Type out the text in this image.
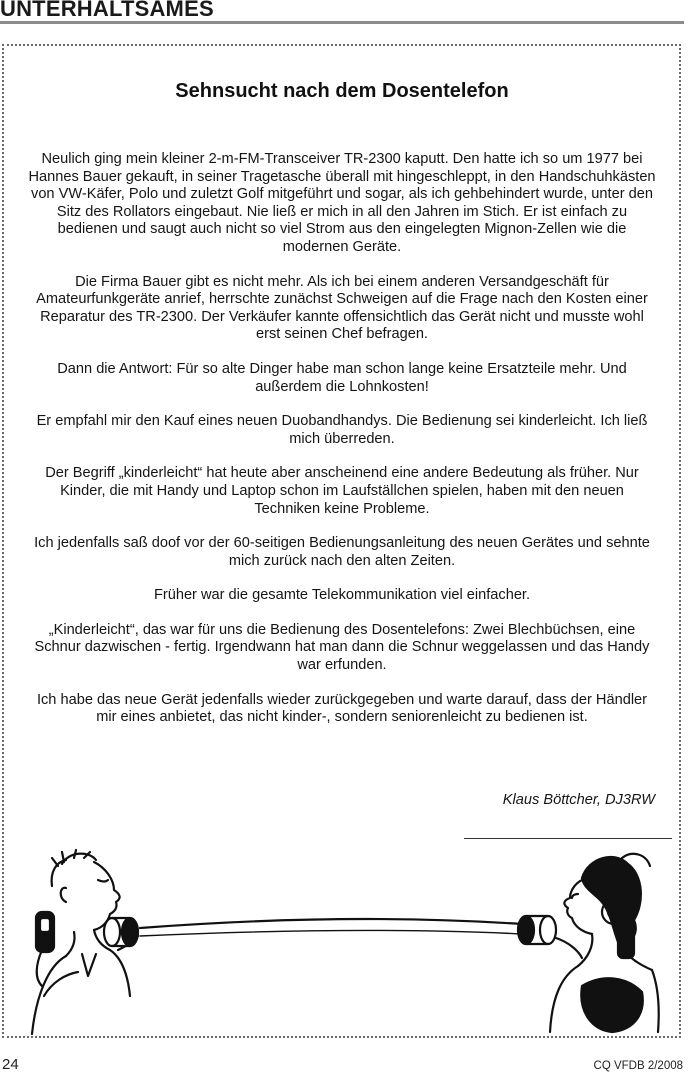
UNTERHALTSAMES
Sehnsucht nach dem Dosentelefon

Neulich ging mein kleiner 2-m-FM-Transceiver TR-2300 kaputt. Den hatte ich so um 1977 bei Hannes Bauer gekauft, in seiner Tragetasche überall mit hingeschleppt, in den Handschuhkästen von VW-Käfer, Polo und zuletzt Golf mitgeführt und sogar, als ich gehbehindert wurde, unter den Sitz des Rollators eingebaut. Nie ließ er mich in all den Jahren im Stich. Er ist einfach zu bedienen und saugt auch nicht so viel Strom aus den eingelegten Mignon-Zellen wie die modernen Geräte.

Die Firma Bauer gibt es nicht mehr. Als ich bei einem anderen Versandgeschäft für Amateurfunkgeräte anrief, herrschte zunächst Schweigen auf die Frage nach den Kosten einer Reparatur des TR-2300. Der Verkäufer kannte offensichtlich das Gerät nicht und musste wohl erst seinen Chef befragen.

Dann die Antwort: Für so alte Dinger habe man schon lange keine Ersatzteile mehr. Und außerdem die Lohnkosten!

Er empfahl mir den Kauf eines neuen Duobandhandys. Die Bedienung sei kinderleicht. Ich ließ mich überreden.

Der Begriff „kinderleicht“ hat heute aber anscheinend eine andere Bedeutung als früher. Nur Kinder, die mit Handy und Laptop schon im Laufställchen spielen, haben mit den neuen Techniken keine Probleme.

Ich jedenfalls saß doof vor der 60-seitigen Bedienungsanleitung des neuen Gerätes und sehnte mich zurück nach den alten Zeiten.

Früher war die gesamte Telekommunikation viel einfacher.

„Kinderleicht“, das war für uns die Bedienung des Dosentelefons: Zwei Blechbüchsen, eine Schnur dazwischen - fertig. Irgendwann hat man dann die Schnur weggelassen und das Handy war erfunden.

Ich habe das neue Gerät jedenfalls wieder zurückgegeben und warte darauf, dass der Händler mir eines anbietet, das nicht kinder-, sondern seniorenleicht zu bedienen ist.

Klaus Böttcher, DJ3RW
24	CQ VFDB 2/2008
